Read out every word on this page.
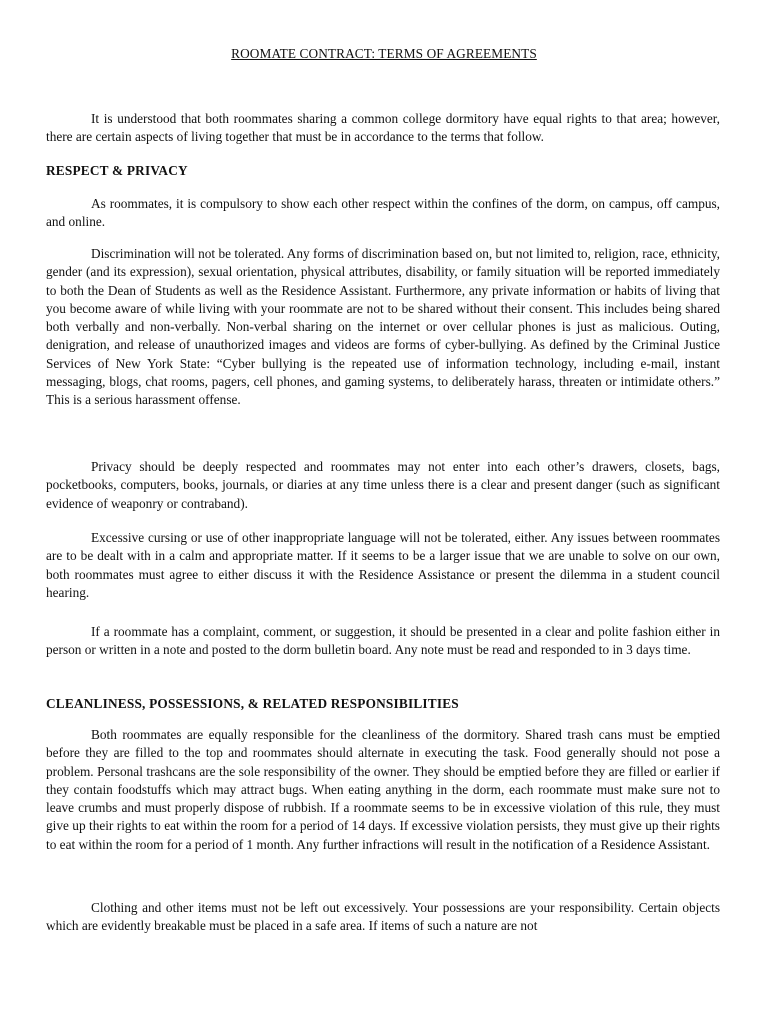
ROOMATE CONTRACT: TERMS OF AGREEMENTS

It is understood that both roommates sharing a common college dormitory have equal rights to that area; however, there are certain aspects of living together that must be in accordance to the terms that follow.

RESPECT & PRIVACY

As roommates, it is compulsory to show each other respect within the confines of the dorm, on campus, off campus, and online.

Discrimination will not be tolerated. Any forms of discrimination based on, but not limited to, religion, race, ethnicity, gender (and its expression), sexual orientation, physical attributes, disability, or family situation will be reported immediately to both the Dean of Students as well as the Residence Assistant. Furthermore, any private information or habits of living that you become aware of while living with your roommate are not to be shared without their consent. This includes being shared both verbally and non-verbally. Non-verbal sharing on the internet or over cellular phones is just as malicious. Outing, denigration, and release of unauthorized images and videos are forms of cyber-bullying. As defined by the Criminal Justice Services of New York State: “Cyber bullying is the repeated use of information technology, including e-mail, instant messaging, blogs, chat rooms, pagers, cell phones, and gaming systems, to deliberately harass, threaten or intimidate others.” This is a serious harassment offense.

Privacy should be deeply respected and roommates may not enter into each other’s drawers, closets, bags, pocketbooks, computers, books, journals, or diaries at any time unless there is a clear and present danger (such as significant evidence of weaponry or contraband).

Excessive cursing or use of other inappropriate language will not be tolerated, either. Any issues between roommates are to be dealt with in a calm and appropriate matter. If it seems to be a larger issue that we are unable to solve on our own, both roommates must agree to either discuss it with the Residence Assistance or present the dilemma in a student council hearing.

If a roommate has a complaint, comment, or suggestion, it should be presented in a clear and polite fashion either in person or written in a note and posted to the dorm bulletin board. Any note must be read and responded to in 3 days time.

CLEANLINESS, POSSESSIONS, & RELATED RESPONSIBILITIES

Both roommates are equally responsible for the cleanliness of the dormitory. Shared trash cans must be emptied before they are filled to the top and roommates should alternate in executing the task. Food generally should not pose a problem. Personal trashcans are the sole responsibility of the owner. They should be emptied before they are filled or earlier if they contain foodstuffs which may attract bugs. When eating anything in the dorm, each roommate must make sure not to leave crumbs and must properly dispose of rubbish. If a roommate seems to be in excessive violation of this rule, they must give up their rights to eat within the room for a period of 14 days. If excessive violation persists, they must give up their rights to eat within the room for a period of 1 month. Any further infractions will result in the notification of a Residence Assistant.

Clothing and other items must not be left out excessively. Your possessions are your responsibility. Certain objects which are evidently breakable must be placed in a safe area. If items of such a nature are not
